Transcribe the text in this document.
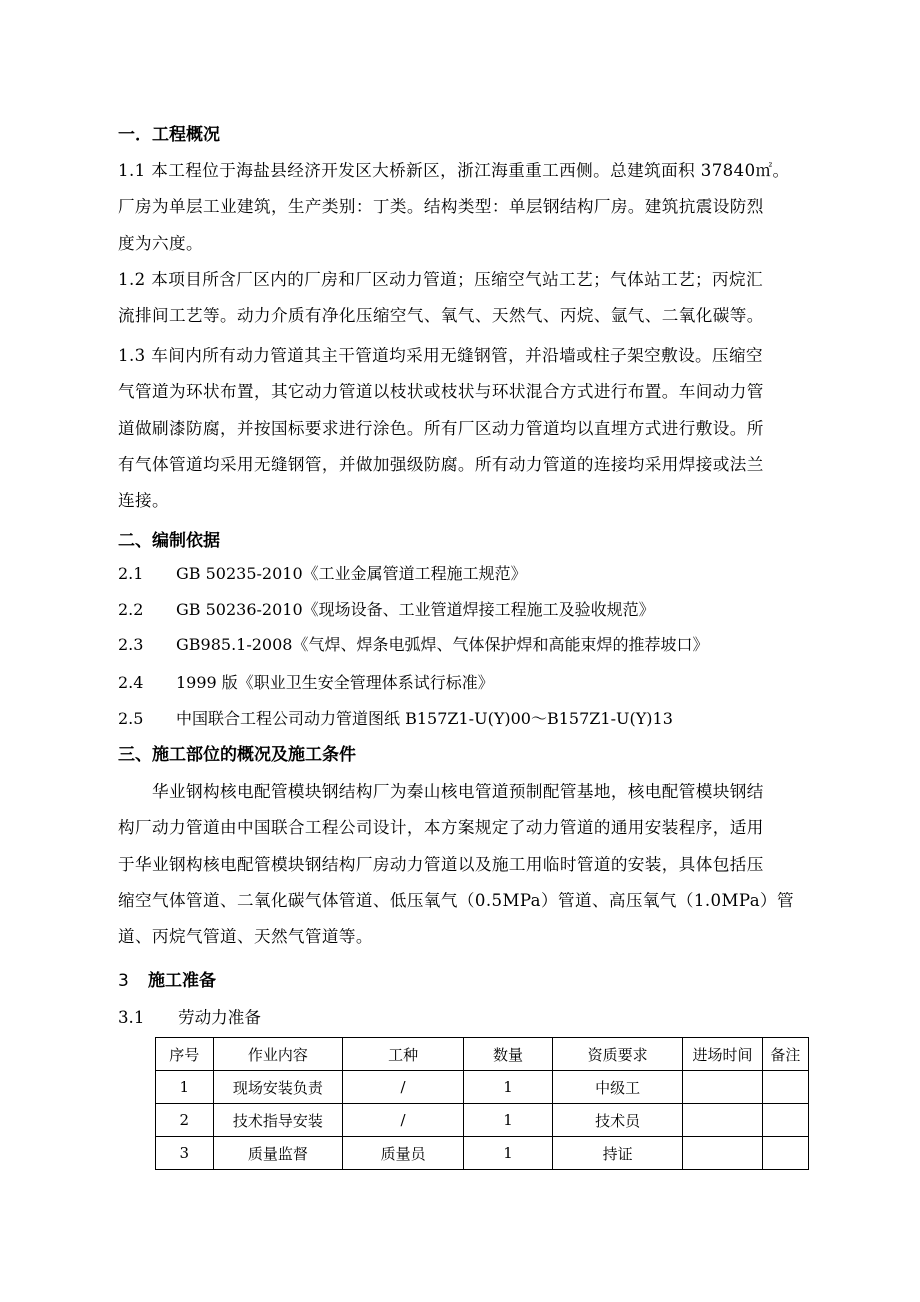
一．工程概况
1.1 本工程位于海盐县经济开发区大桥新区，浙江海重重工西侧。总建筑面积 37840㎡。
厂房为单层工业建筑，生产类别：丁类。结构类型：单层钢结构厂房。建筑抗震设防烈
度为六度。
1.2 本项目所含厂区内的厂房和厂区动力管道；压缩空气站工艺；气体站工艺；丙烷汇
流排间工艺等。动力介质有净化压缩空气、氧气、天然气、丙烷、氩气、二氧化碳等。
1.3 车间内所有动力管道其主干管道均采用无缝钢管，并沿墙或柱子架空敷设。压缩空
气管道为环状布置，其它动力管道以枝状或枝状与环状混合方式进行布置。车间动力管
道做刷漆防腐，并按国标要求进行涂色。所有厂区动力管道均以直埋方式进行敷设。所
有气体管道均采用无缝钢管，并做加强级防腐。所有动力管道的连接均采用焊接或法兰
连接。
二、编制依据
2.1 GB 50235-2010《工业金属管道工程施工规范》
2.2 GB 50236-2010《现场设备、工业管道焊接工程施工及验收规范》
2.3 GB985.1-2008《气焊、焊条电弧焊、气体保护焊和高能束焊的推荐坡口》
2.4 1999 版《职业卫生安全管理体系试行标准》
2.5 中国联合工程公司动力管道图纸 B157Z1-U(Y)00～B157Z1-U(Y)13
三、施工部位的概况及施工条件
　　华业钢构核电配管模块钢结构厂为秦山核电管道预制配管基地，核电配管模块钢结
构厂动力管道由中国联合工程公司设计，本方案规定了动力管道的通用安装程序，适用
于华业钢构核电配管模块钢结构厂房动力管道以及施工用临时管道的安装，具体包括压
缩空气体管道、二氧化碳气体管道、低压氧气（0.5MPa）管道、高压氧气（1.0MPa）管
道、丙烷气管道、天然气管道等。
3 施工准备
3.1 劳动力准备
序号	作业内容	工种	数量	资质要求	进场时间	备注
1	现场安装负责	/	1	中级工		
2	技术指导安装	/	1	技术员		
3	质量监督	质量员	1	持证		
